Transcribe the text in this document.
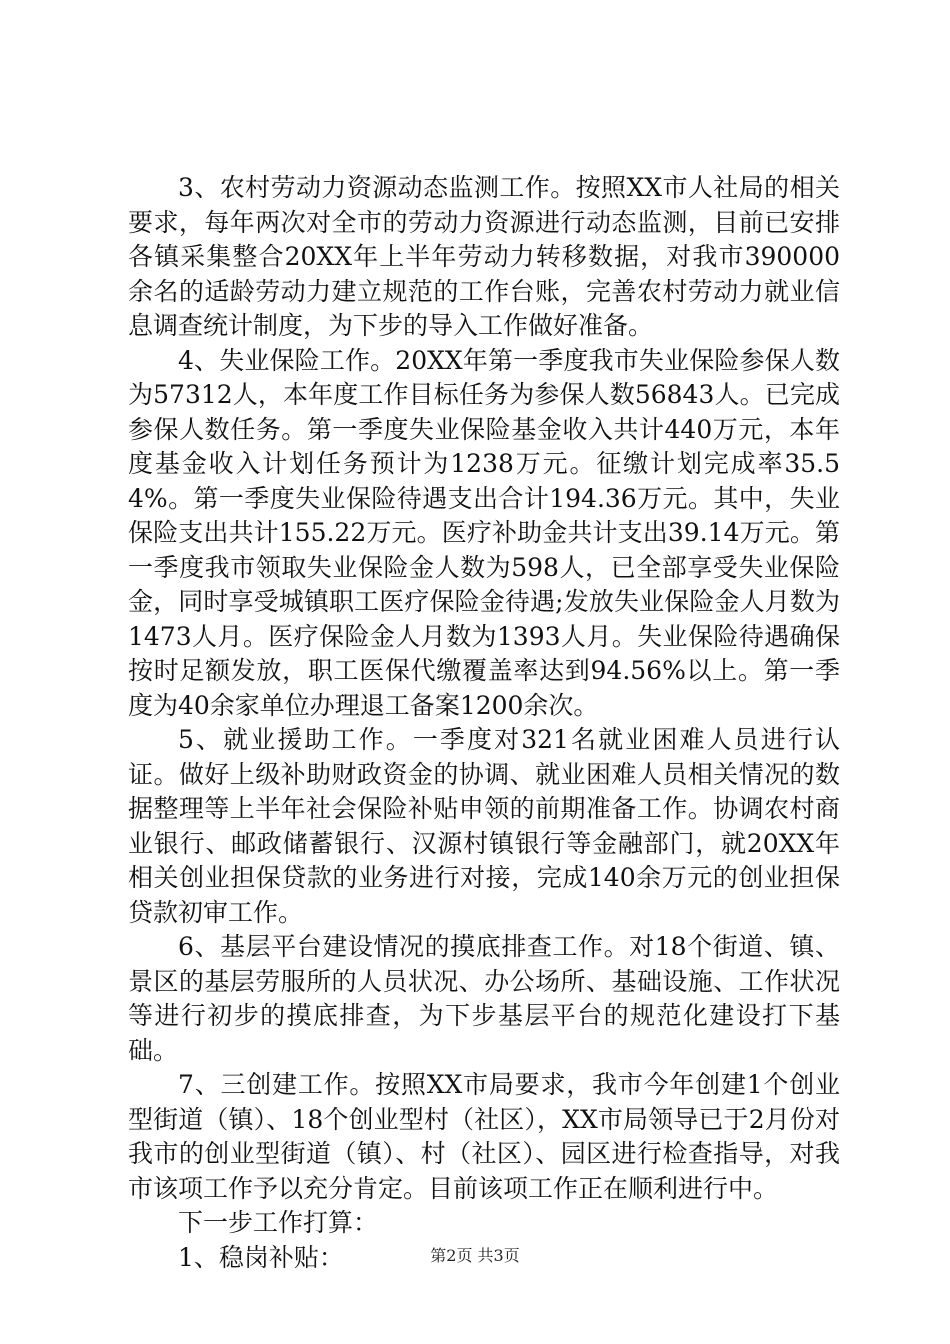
3、农村劳动力资源动态监测工作。按照XX市人社局的相关要求，每年两次对全市的劳动力资源进行动态监测，目前已安排各镇采集整合20XX年上半年劳动力转移数据，对我市390000余名的适龄劳动力建立规范的工作台账，完善农村劳动力就业信息调查统计制度，为下步的导入工作做好准备。

4、失业保险工作。20XX年第一季度我市失业保险参保人数为57312人，本年度工作目标任务为参保人数56843人。已完成参保人数任务。第一季度失业保险基金收入共计440万元，本年度基金收入计划任务预计为1238万元。征缴计划完成率35.54%。第一季度失业保险待遇支出合计194.36万元。其中，失业保险支出共计155.22万元。医疗补助金共计支出39.14万元。第一季度我市领取失业保险金人数为598人，已全部享受失业保险金，同时享受城镇职工医疗保险金待遇;发放失业保险金人月数为1473人月。医疗保险金人月数为1393人月。失业保险待遇确保按时足额发放，职工医保代缴覆盖率达到94.56%以上。第一季度为40余家单位办理退工备案1200余次。

5、就业援助工作。一季度对321名就业困难人员进行认证。做好上级补助财政资金的协调、就业困难人员相关情况的数据整理等上半年社会保险补贴申领的前期准备工作。协调农村商业银行、邮政储蓄银行、汉源村镇银行等金融部门，就20XX年相关创业担保贷款的业务进行对接，完成140余万元的创业担保贷款初审工作。

6、基层平台建设情况的摸底排查工作。对18个街道、镇、景区的基层劳服所的人员状况、办公场所、基础设施、工作状况等进行初步的摸底排查，为下步基层平台的规范化建设打下基础。

7、三创建工作。按照XX市局要求，我市今年创建1个创业型街道（镇）、18个创业型村（社区），XX市局领导已于2月份对我市的创业型街道（镇）、村（社区）、园区进行检查指导，对我市该项工作予以充分肯定。目前该项工作正在顺利进行中。

下一步工作打算：

1、稳岗补贴：	第2页 共3页
